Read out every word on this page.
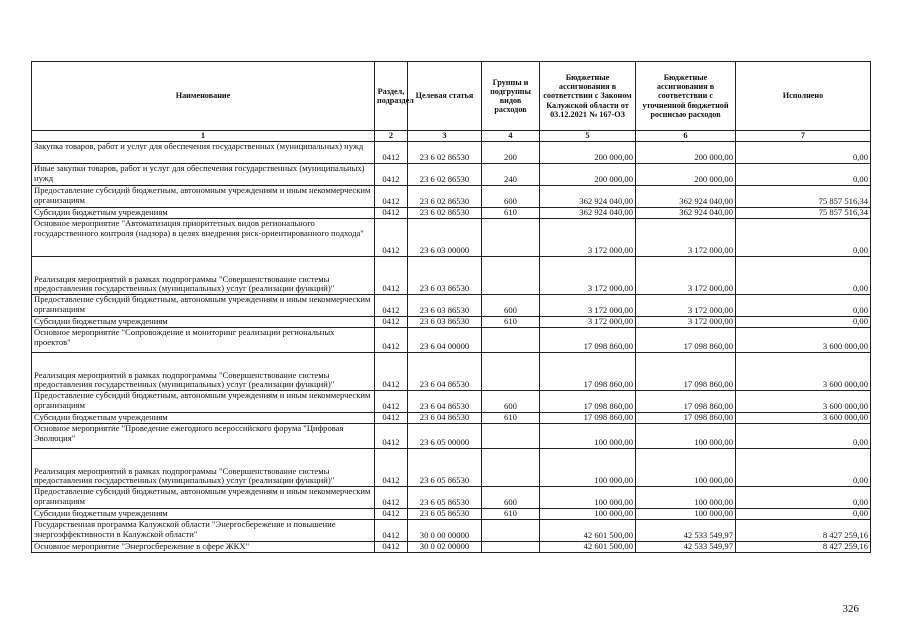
Наименование	Раздел, подраздел	Целевая статья	Группы и подгруппы видов расходов	Бюджетные ассигнования в соответствии с Законом Калужской области от 03.12.2021 № 167-ОЗ	Бюджетные ассигнования в соответствии с уточненной бюджетной росписью расходов	Исполнено
1	2	3	4	5	6	7
Закупка товаров, работ и услуг для обеспечения государственных (муниципальных) нужд	0412	23 6 02 86530	200	200 000,00	200 000,00	0,00
Иные закупки товаров, работ и услуг для обеспечения государственных (муниципальных) нужд	0412	23 6 02 86530	240	200 000,00	200 000,00	0,00
Предоставление субсидий бюджетным, автономным учреждениям и иным некоммерческим организациям	0412	23 6 02 86530	600	362 924 040,00	362 924 040,00	75 857 516,34
Субсидии бюджетным учреждениям	0412	23 6 02 86530	610	362 924 040,00	362 924 040,00	75 857 516,34
Основное мероприятие "Автоматизация приоритетных видов регионального государственного контроля (надзора) в целях внедрения риск-ориентированного подхода"	0412	23 6 03 00000		3 172 000,00	3 172 000,00	0,00
Реализация мероприятий в рамках подпрограммы "Совершенствование системы предоставления государственных (муниципальных) услуг (реализации функций)"	0412	23 6 03 86530		3 172 000,00	3 172 000,00	0,00
Предоставление субсидий бюджетным, автономным учреждениям и иным некоммерческим организациям	0412	23 6 03 86530	600	3 172 000,00	3 172 000,00	0,00
Субсидии бюджетным учреждениям	0412	23 6 03 86530	610	3 172 000,00	3 172 000,00	0,00
Основное мероприятие "Сопровождение и мониторинг реализации региональных проектов"	0412	23 6 04 00000		17 098 860,00	17 098 860,00	3 600 000,00
Реализация мероприятий в рамках подпрограммы "Совершенствование системы предоставления государственных (муниципальных) услуг (реализации функций)"	0412	23 6 04 86530		17 098 860,00	17 098 860,00	3 600 000,00
Предоставление субсидий бюджетным, автономным учреждениям и иным некоммерческим организациям	0412	23 6 04 86530	600	17 098 860,00	17 098 860,00	3 600 000,00
Субсидии бюджетным учреждениям	0412	23 6 04 86530	610	17 098 860,00	17 098 860,00	3 600 000,00
Основное мероприятие "Проведение ежегодного всероссийского форума "Цифровая Эволюция"	0412	23 6 05 00000		100 000,00	100 000,00	0,00
Реализация мероприятий в рамках подпрограммы "Совершенствование системы предоставления государственных (муниципальных) услуг (реализации функций)"	0412	23 6 05 86530		100 000,00	100 000,00	0,00
Предоставление субсидий бюджетным, автономным учреждениям и иным некоммерческим организациям	0412	23 6 05 86530	600	100 000,00	100 000,00	0,00
Субсидии бюджетным учреждениям	0412	23 6 05 86530	610	100 000,00	100 000,00	0,00
Государственная программа Калужской области "Энергосбережение и повышение энергоэффективности в Калужской области"	0412	30 0 00 00000		42 601 500,00	42 533 549,97	8 427 259,16
Основное мероприятие "Энергосбережение в сфере ЖКХ"	0412	30 0 02 00000		42 601 500,00	42 533 549,97	8 427 259,16
326
